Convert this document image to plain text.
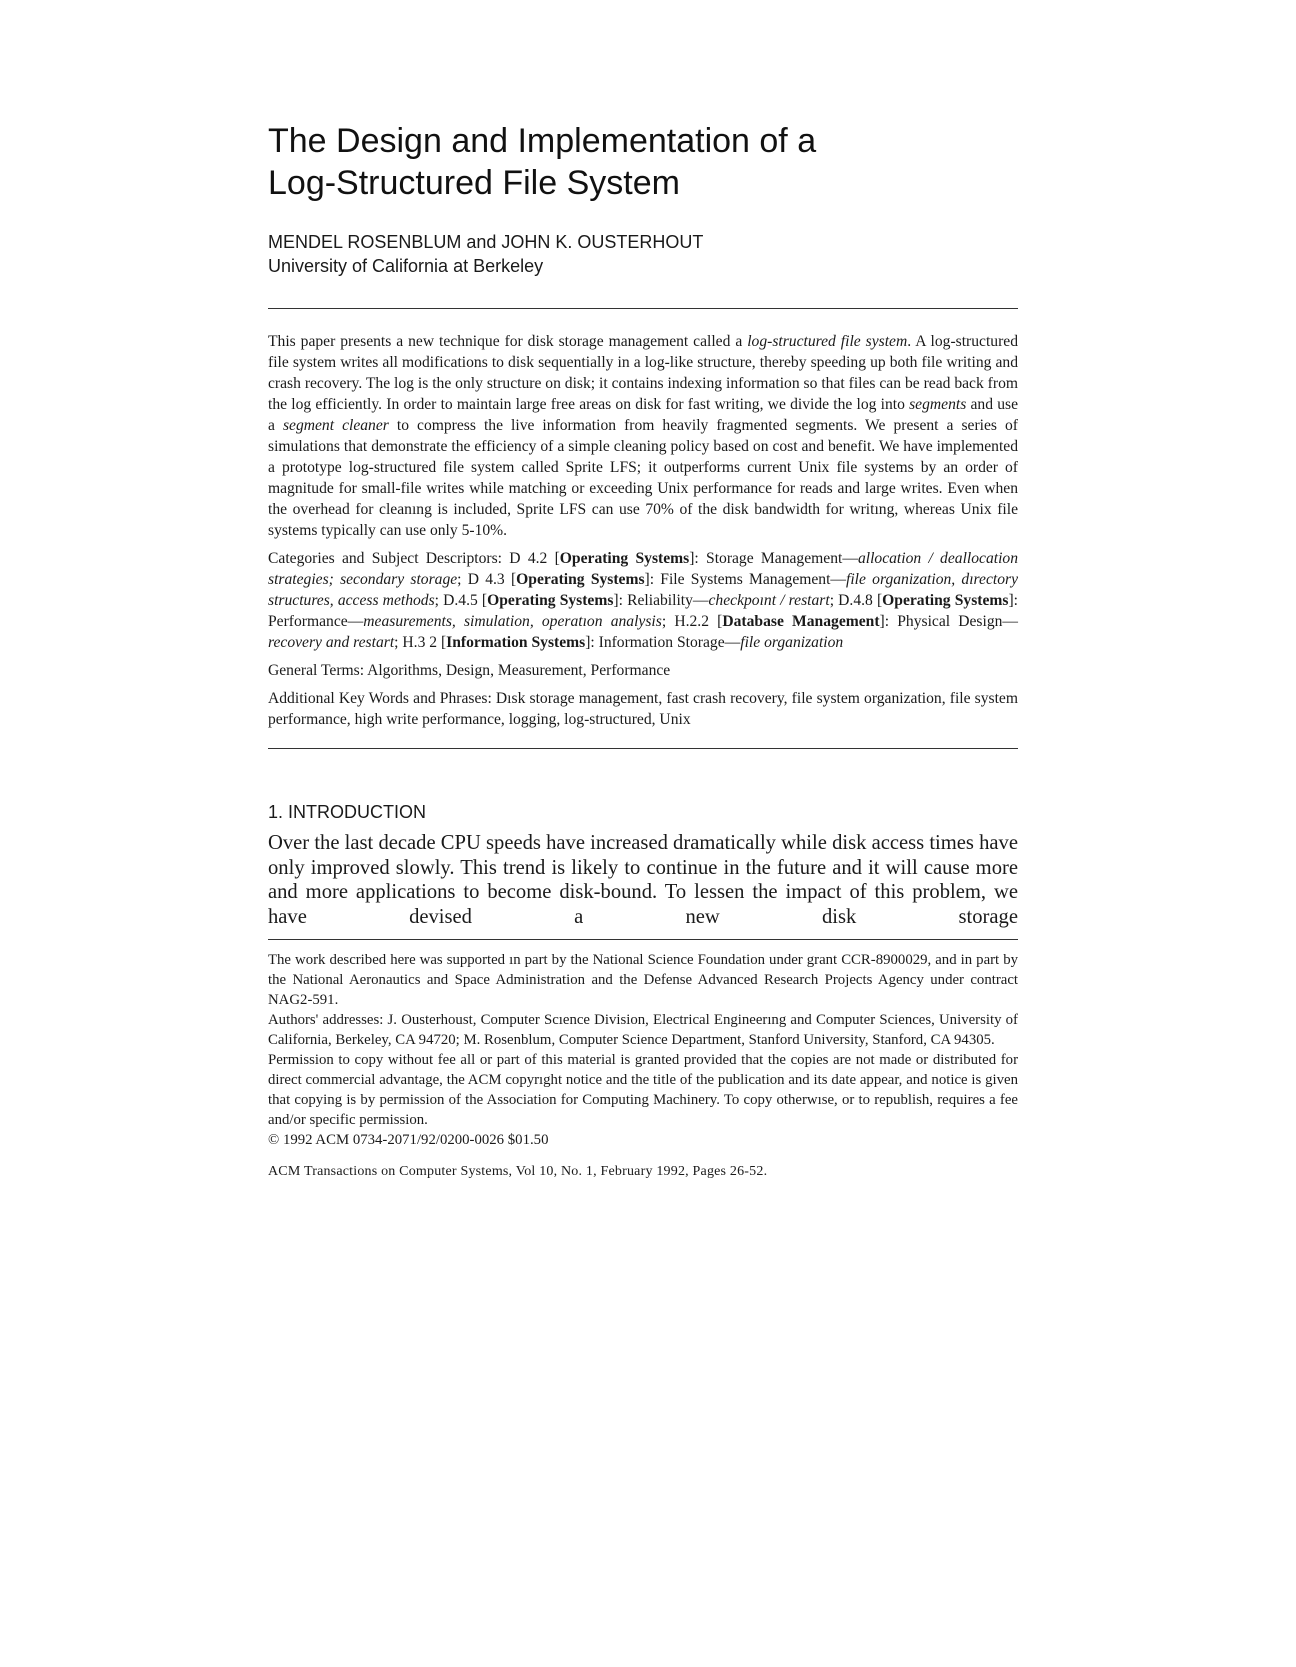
The Design and Implementation of a
Log-Structured File System
MENDEL ROSENBLUM and JOHN K. OUSTERHOUT
University of California at Berkeley

This paper presents a new technique for disk storage management called a log-structured file system. A log-structured file system writes all modifications to disk sequentially in a log-like structure, thereby speeding up both file writing and crash recovery. The log is the only structure on disk; it contains indexing information so that files can be read back from the log efficiently. In order to maintain large free areas on disk for fast writing, we divide the log into segments and use a segment cleaner to compress the live information from heavily fragmented segments. We present a series of simulations that demonstrate the efficiency of a simple cleaning policy based on cost and benefit. We have implemented a prototype log-structured file system called Sprite LFS; it outperforms current Unix file systems by an order of magnitude for small-file writes while matching or exceeding Unix performance for reads and large writes. Even when the overhead for cleanıng is included, Sprite LFS can use 70% of the disk bandwidth for writıng, whereas Unix file systems typically can use only 5-10%.

Categories and Subject Descriptors: D 4.2 [Operating Systems]: Storage Management—allocation / deallocation strategies; secondary storage; D 4.3 [Operating Systems]: File Systems Management—file organization, dırectory structures, access methods; D.4.5 [Operating Systems]: Reliability—checkpoınt / restart; D.4.8 [Operating Systems]: Performance—measurements, simulation, operatıon analysis; H.2.2 [Database Management]: Physical Design—recovery and restart; H.3 2 [Information Systems]: Information Storage—file organization

General Terms: Algorithms, Design, Measurement, Performance

Additional Key Words and Phrases: Dısk storage management, fast crash recovery, file system organization, file system performance, high write performance, logging, log-structured, Unix

1. INTRODUCTION
Over the last decade CPU speeds have increased dramatically while disk access times have only improved slowly. This trend is likely to continue in the future and it will cause more and more applications to become disk-bound. To lessen the impact of this problem, we have devised a new disk storage

The work described here was supported ın part by the National Science Foundation under grant CCR-8900029, and in part by the National Aeronautics and Space Administration and the Defense Advanced Research Projects Agency under contract NAG2-591.

Authors' addresses: J. Ousterhoust, Computer Scıence Division, Electrical Engineerıng and Computer Sciences, University of California, Berkeley, CA 94720; M. Rosenblum, Computer Science Department, Stanford University, Stanford, CA 94305.

Permission to copy without fee all or part of this material is granted provided that the copies are not made or distributed for direct commercial advantage, the ACM copyrıght notice and the title of the publication and its date appear, and notice is given that copying is by permission of the Association for Computing Machinery. To copy otherwıse, or to republish, requires a fee and/or specific permission.

© 1992 ACM 0734-2071/92/0200-0026 $01.50

ACM Transactions on Computer Systems, Vol 10, No. 1, February 1992, Pages 26-52.
